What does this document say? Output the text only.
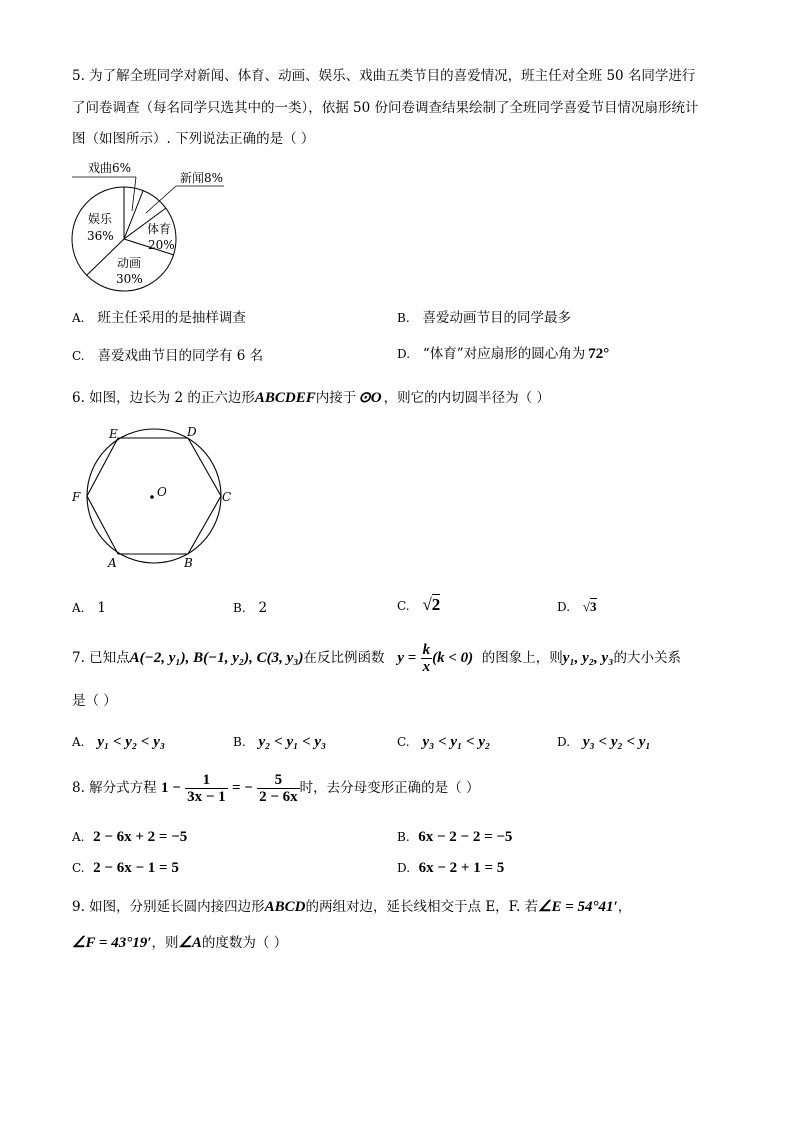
5. 为了解全班同学对新闻、体育、动画、娱乐、戏曲五类节目的喜爱情况，班主任对全班 50 名同学进行
了问卷调查（每名同学只选其中的一类），依据 50 份问卷调查结果绘制了全班同学喜爱节目情况扇形统计
图（如图所示）. 下列说法正确的是（ ）
戏曲6%
新闻8%
娱乐
36%	体育
20%
动画
30%
A. 班主任采用的是抽样调查	B. 喜爱动画节目的同学最多
C. 喜爱戏曲节目的同学有 6 名	D. “体育”对应扇形的圆心角为 72°
6. 如图，边长为 2 的正六边形ABCDEF内接于 ⊙O ，则它的内切圆半径为（ ）
O
E	D
F	C
A	B
A. 1	B. 2	C. √2	D. √3
7. 已知点A(−2, y₁), B(−1, y₂), C(3, y₃)在反比例函数 $y = \frac{k}{x} (k < 0)$ 的图象上，则y₁, y₂, y₃的大小关系
是（ ）
A. y₁ < y₂ < y₃	B. y₂ < y₁ < y₃	C. y₃ < y₁ < y₂	D. y₃ < y₂ < y₁
8. 解分式方程 $1 - \frac{1}{3x - 1}$ = − $\frac{5}{2 - 6x}$ 时，去分母变形正确的是（ ）
A. 2 − 6x + 2 = −5	B. 6x − 2 − 2 = −5
C. 2 − 6x − 1 = 5	D. 6x − 2 + 1 = 5
9. 如图，分别延长圆内接四边形ABCD的两组对边，延长线相交于点 E，F. 若∠E = 54°41′，
∠F = 43°19′，则∠A的度数为（ ）
